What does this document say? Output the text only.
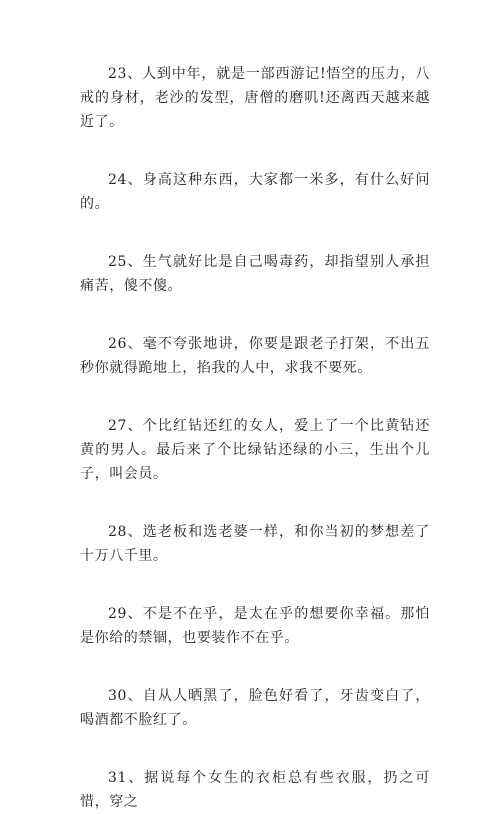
23、人到中年，就是一部西游记!悟空的压力，八戒的身材，老沙的发型，唐僧的磨叽!还离西天越来越近了。

24、身高这种东西，大家都一米多，有什么好问的。

25、生气就好比是自己喝毒药，却指望别人承担痛苦，傻不傻。

26、毫不夸张地讲，你要是跟老子打架，不出五秒你就得跪地上，掐我的人中，求我不要死。

27、个比红钻还红的女人，爱上了一个比黄钻还黄的男人。最后来了个比绿钻还绿的小三，生出个儿子，叫会员。

28、选老板和选老婆一样，和你当初的梦想差了十万八千里。

29、不是不在乎，是太在乎的想要你幸福。那怕是你给的禁锢，也要装作不在乎。

30、自从人晒黑了，脸色好看了，牙齿变白了，喝酒都不脸红了。

31、据说每个女生的衣柜总有些衣服，扔之可惜，穿之
